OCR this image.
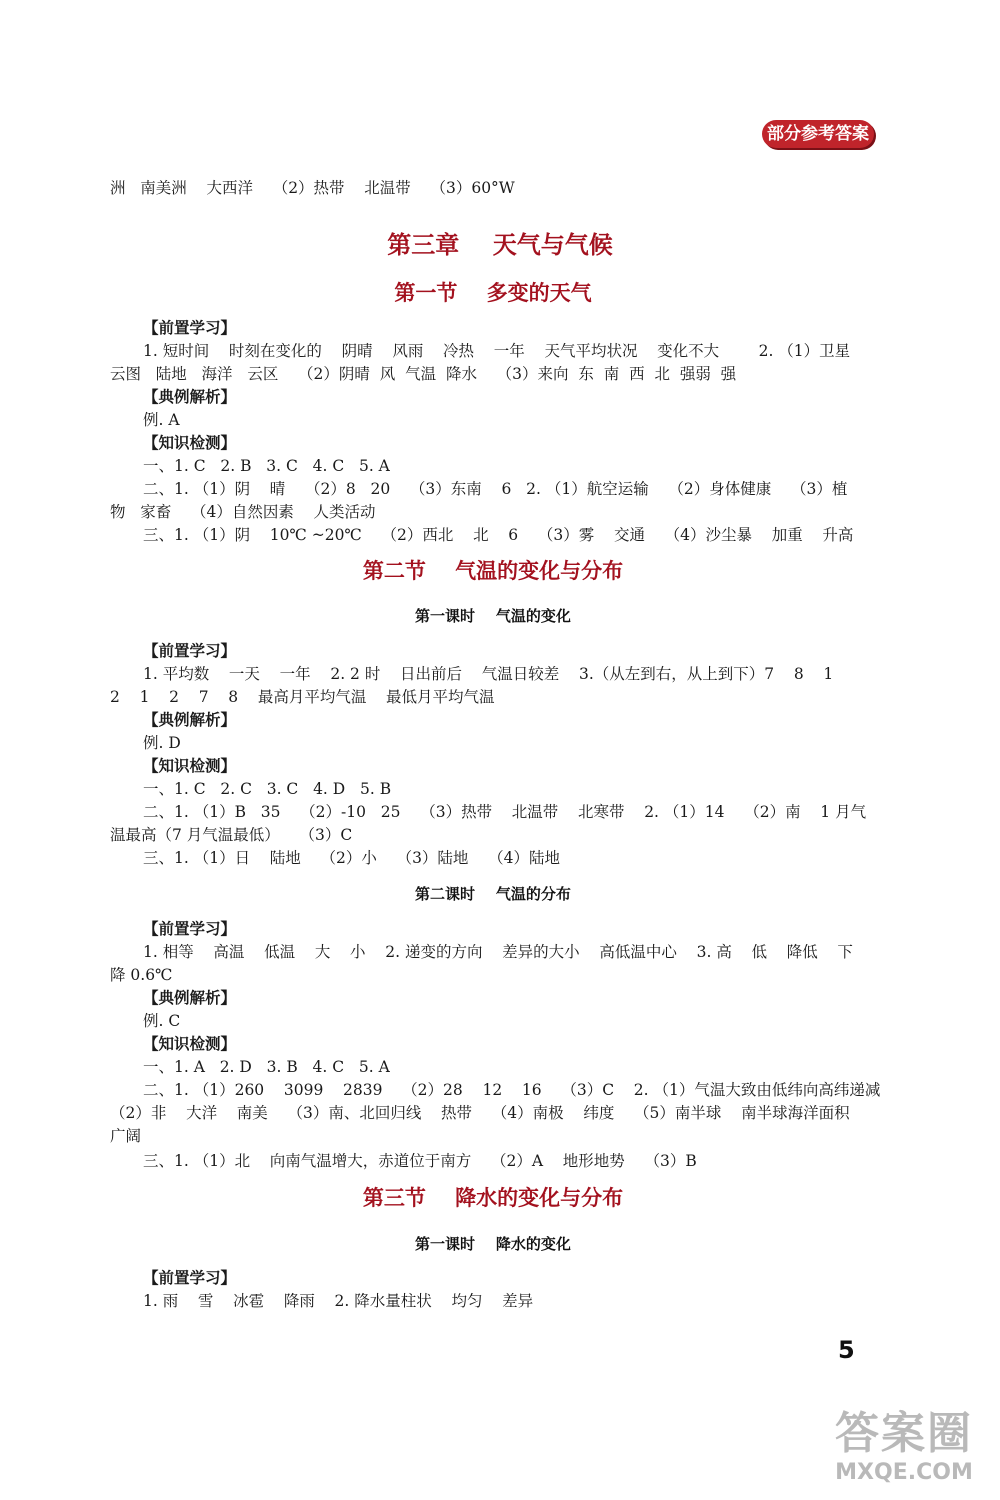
部分参考答案
洲   南美洲    大西洋    （2）热带    北温带    （3）60°W
第三章    天气与气候
第一节    多变的天气
【前置学习】
1. 短时间    时刻在变化的    阴晴    风雨    冷热    一年    天气平均状况    变化不大        2. （1）卫星
云图   陆地   海洋   云区    （2）阴晴  风  气温  降水    （3）来向  东  南  西  北  强弱  强
【典例解析】
例. A
【知识检测】
一、1. C   2. B   3. C   4. C   5. A
二、1. （1）阴    晴    （2）8   20    （3）东南    6   2. （1）航空运输    （2）身体健康    （3）植
物   家畜    （4）自然因素    人类活动
三、1. （1）阴    10℃ ~20℃    （2）西北    北    6    （3）雾    交通    （4）沙尘暴    加重    升高
第二节    气温的变化与分布
第一课时    气温的变化
【前置学习】
1. 平均数    一天    一年    2. 2 时    日出前后    气温日较差    3.（从左到右，从上到下）7    8    1
2    1    2    7    8    最高月平均气温    最低月平均气温
【典例解析】
例. D
【知识检测】
一、1. C   2. C   3. C   4. D   5. B
二、1. （1）B   35    （2）-10   25    （3）热带    北温带    北寒带    2. （1）14    （2）南    1 月气
温最高（7 月气温最低）    （3）C
三、1. （1）日    陆地    （2）小    （3）陆地    （4）陆地
第二课时    气温的分布
【前置学习】
1. 相等    高温    低温    大    小    2. 递变的方向    差异的大小    高低温中心    3. 高    低    降低    下
降 0.6℃
【典例解析】
例. C
【知识检测】
一、1. A   2. D   3. B   4. C   5. A
二、1. （1）260    3099    2839    （2）28    12    16    （3）C    2. （1）气温大致由低纬向高纬递减
（2）非    大洋    南美    （3）南、北回归线    热带    （4）南极    纬度    （5）南半球    南半球海洋面积
广阔
三、1. （1）北    向南气温增大，赤道位于南方    （2）A    地形地势    （3）B
第三节    降水的变化与分布
第一课时    降水的变化
【前置学习】
1. 雨    雪    冰雹    降雨    2. 降水量柱状    均匀    差异
5
答案圈
MXQE.COM
